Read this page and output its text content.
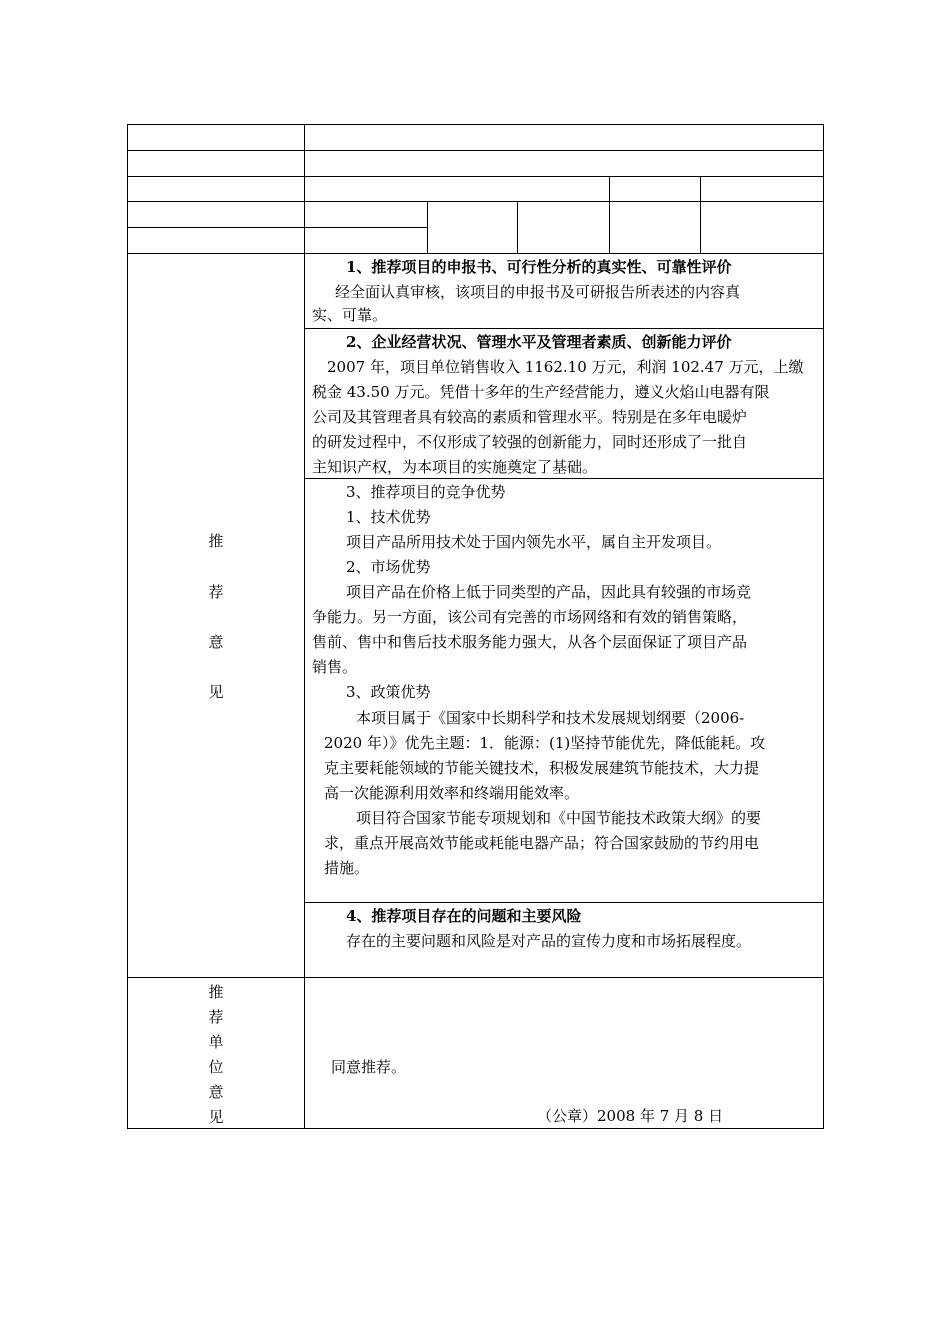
推
荐
意
见
1、推荐项目的申报书、可行性分析的真实性、可靠性评价
经全面认真审核，该项目的申报书及可研报告所表述的内容真
实、可靠。
2、企业经营状况、管理水平及管理者素质、创新能力评价
2007 年，项目单位销售收入 1162.10 万元，利润 102.47 万元，上缴
税金 43.50 万元。凭借十多年的生产经营能力，遵义火焰山电器有限
公司及其管理者具有较高的素质和管理水平。特别是在多年电暖炉
的研发过程中，不仅形成了较强的创新能力，同时还形成了一批自
主知识产权，为本项目的实施奠定了基础。
3、推荐项目的竞争优势
1、技术优势
项目产品所用技术处于国内领先水平，属自主开发项目。
2、市场优势
项目产品在价格上低于同类型的产品，因此具有较强的市场竞
争能力。另一方面，该公司有完善的市场网络和有效的销售策略，
售前、售中和售后技术服务能力强大，从各个层面保证了项目产品
销售。
3、政策优势
本项目属于《国家中长期科学和技术发展规划纲要（2006-
2020 年）》优先主题：1．能源：(1)坚持节能优先，降低能耗。攻
克主要耗能领域的节能关键技术，积极发展建筑节能技术，大力提
高一次能源利用效率和终端用能效率。
项目符合国家节能专项规划和《中国节能技术政策大纲》的要
求，重点开展高效节能或耗能电器产品；符合国家鼓励的节约用电
措施。
4、推荐项目存在的问题和主要风险
存在的主要问题和风险是对产品的宣传力度和市场拓展程度。
推
荐
单
位
意
见
同意推荐。
（公章）2008 年 7 月 8 日
